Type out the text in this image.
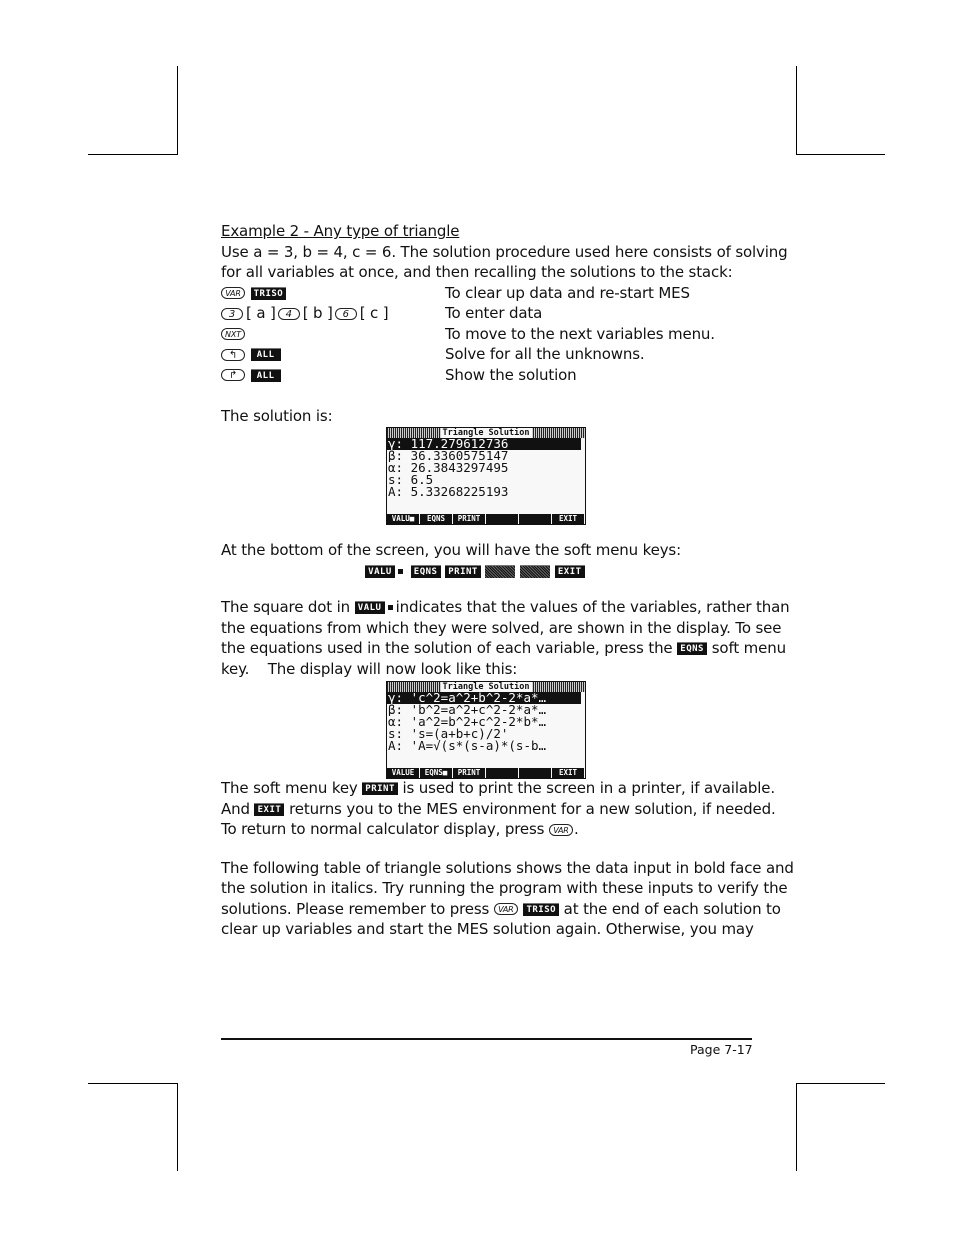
Example 2 - Any type of triangle
Use a = 3, b = 4, c = 6. The solution procedure used here consists of solving
for all variables at once, and then recalling the solutions to the stack:
VAR TRISO	To clear up data and re-start MES
3 [ a ] 4 [ b ] 6 [ c ]	To enter data
NXT	To move to the next variables menu.
↰ ALL	Solve for all the unknowns.
↱ ALL	Show the solution
The solution is:
Triangle Solution
γ: 117.279612736
β: 36.3360575147
α: 26.3843297495
s: 6.5
A: 5.33268225193
VALU■	EQNS	PRINT	EXIT
At the bottom of the screen, you will have the soft menu keys:
VALU EQNS PRINT	EXIT
The square dot in VALU indicates that the values of the variables, rather than
the equations from which they were solved, are shown in the display. To see
the equations used in the solution of each variable, press the EQNS soft menu
key.    The display will now look like this:
Triangle Solution
γ: 'c^2=a^2+b^2-2*a*…
β: 'b^2=a^2+c^2-2*a*…
α: 'a^2=b^2+c^2-2*b*…
s: 's=(a+b+c)/2'
A: 'A=√(s*(s-a)*(s-b…
VALUE	EQNS■	PRINT	EXIT
The soft menu key PRINT is used to print the screen in a printer, if available.
And EXIT returns you to the MES environment for a new solution, if needed.
To return to normal calculator display, press VAR .
The following table of triangle solutions shows the data input in bold face and
the solution in italics. Try running the program with these inputs to verify the
solutions. Please remember to press VAR TRISO at the end of each solution to
clear up variables and start the MES solution again. Otherwise, you may
Page 7-17
